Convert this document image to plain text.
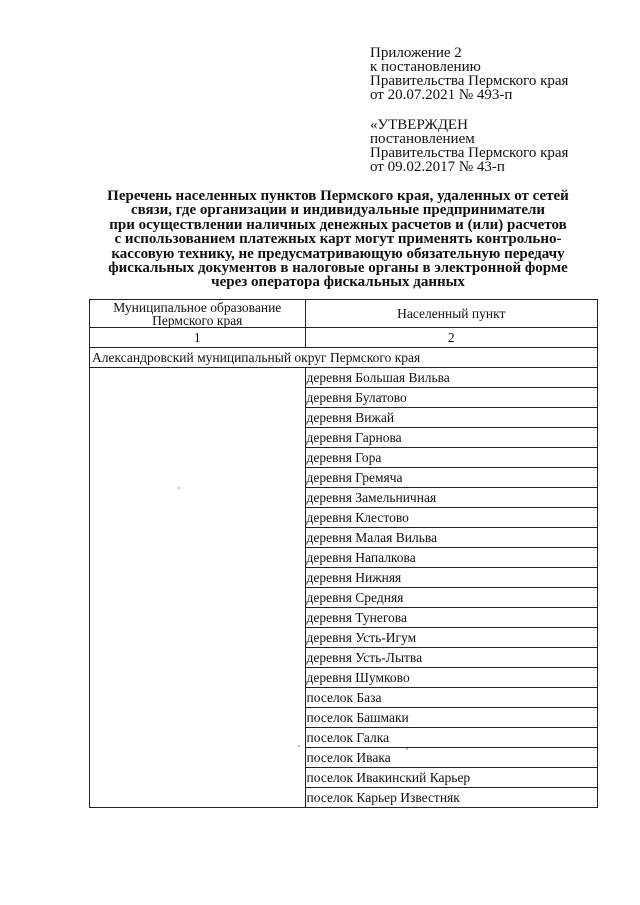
Приложение 2
к постановлению
Правительства Пермского края
от 20.07.2021 № 493-п
«УТВЕРЖДЕН
постановлением
Правительства Пермского края
от 09.02.2017 № 43-п
Перечень населенных пунктов Пермского края, удаленных от сетей
связи, где организации и индивидуальные предприниматели
при осуществлении наличных денежных расчетов и (или) расчетов
с использованием платежных карт могут применять контрольно-
кассовую технику, не предусматривающую обязательную передачу
фискальных документов в налоговые органы в электронной форме
через оператора фискальных данных
Муниципальное образование
Пермского края	Населенный пункт
1	2
Александровский муниципальный округ Пермского края	
	деревня Большая Вильва
	деревня Булатово
	деревня Вижай
	деревня Гарнова
	деревня Гора
	деревня Гремяча
	деревня Замельничная
	деревня Клестово
	деревня Малая Вильва
	деревня Напалкова
	деревня Нижняя
	деревня Средняя
	деревня Тунегова
	деревня Усть-Игум
	деревня Усть-Лытва
	деревня Шумково
	поселок База
	поселок Башмаки
	поселок Галка
	поселок Ивака
	поселок Ивакинский Карьер
	поселок Карьер Известняк
